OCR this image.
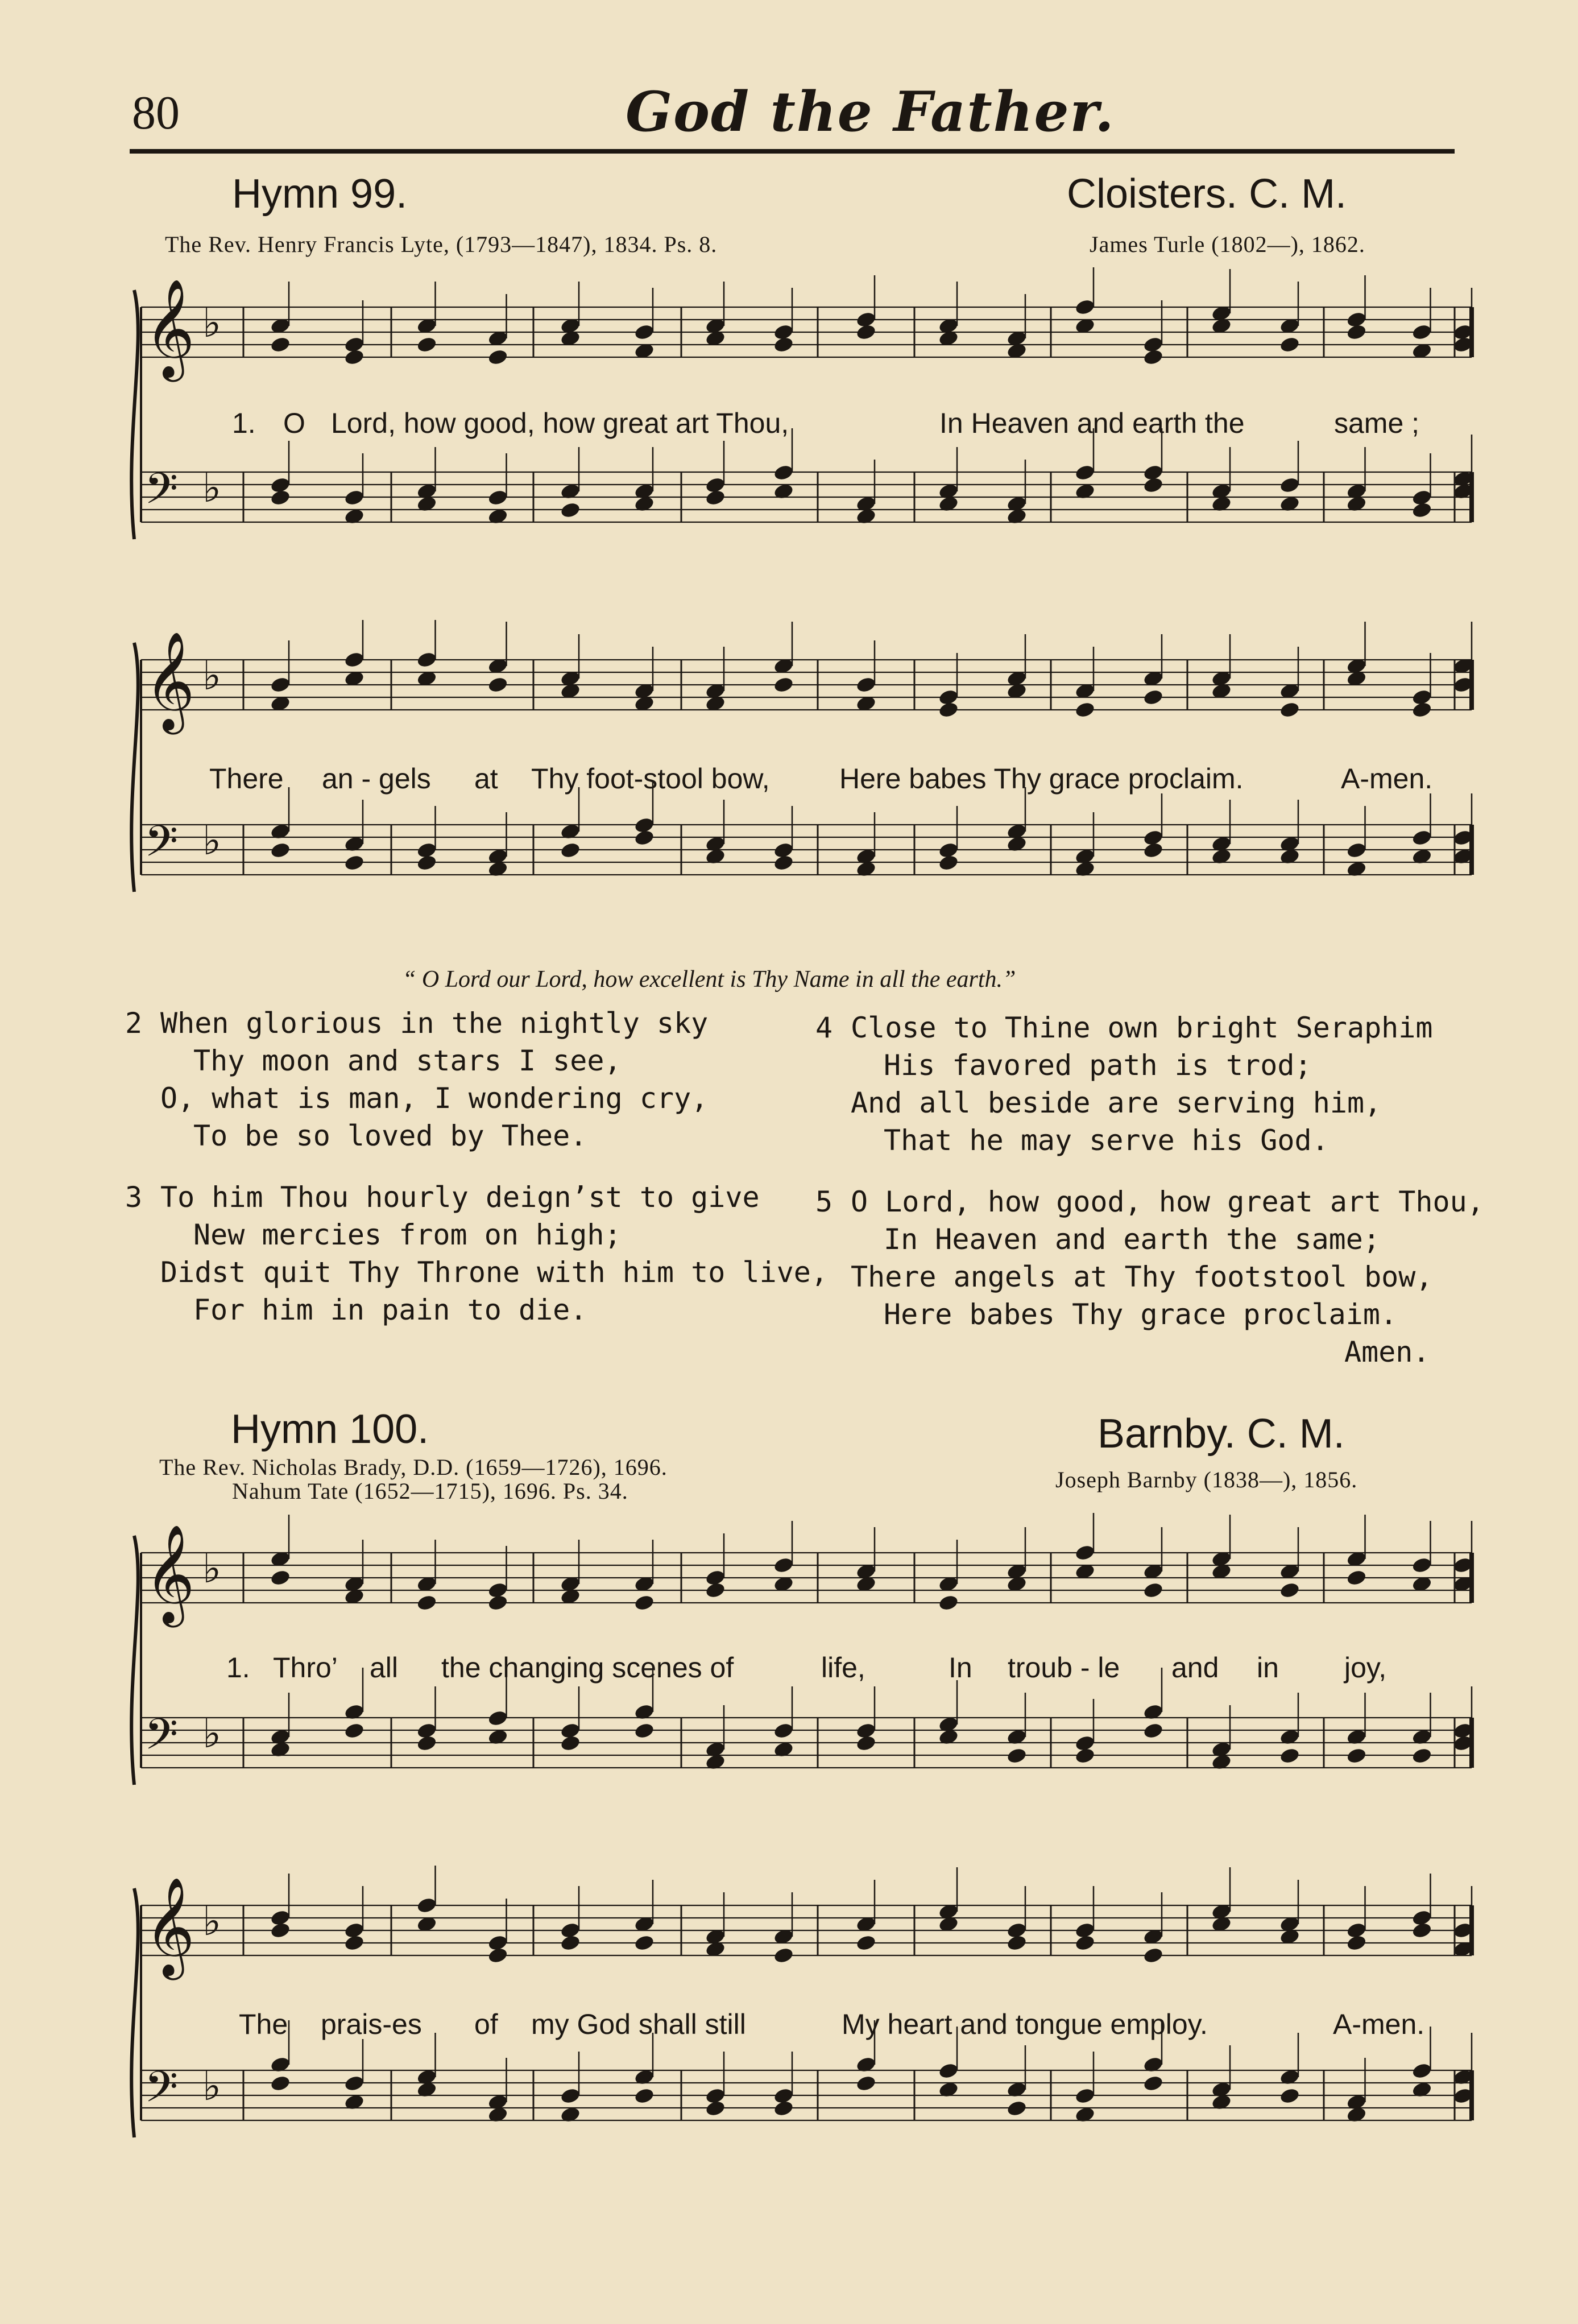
80	God the Father.
Hymn 99.	Cloisters. C. M.
The Rev. Henry Francis Lyte, (1793—1847), 1834. Ps. 8.	James Turle (1802—), 1862.
𝄞 ♭
𝄢 ♭
1. O Lord, how good, how great art Thou,	In Heaven and earth the	same ;
𝄞 ♭
𝄢 ♭
There an - gels at Thy foot-stool bow, Here babes Thy grace proclaim.	A-men.
“ O Lord our Lord, how excellent is Thy Name in all the earth.”
2 When glorious in the nightly sky
Thy moon and stars I see,
O, what is man, I wondering cry,
To be so loved by Thee.
3 To him Thou hourly deign’st to give
New mercies from on high;
Didst quit Thy Throne with him to live,
For him in pain to die.
4 Close to Thine own bright Seraphim
His favored path is trod;
And all beside are serving him,
That he may serve his God.
5 O Lord, how good, how great art Thou,
In Heaven and earth the same;
There angels at Thy footstool bow,
Here babes Thy grace proclaim.
Amen.
Hymn 100.	Barnby. C. M.
The Rev. Nicholas Brady, D.D. (1659—1726), 1696.
Nahum Tate (1652—1715), 1696. Ps. 34.	Joseph Barnby (1838—), 1856.
𝄞 ♭
𝄢 ♭
1. Thro’ all the changing scenes of	life,	In troub - le and in joy,
𝄞 ♭
𝄢 ♭
The prais-es of my God shall still	My heart and tongue employ.	A-men.
